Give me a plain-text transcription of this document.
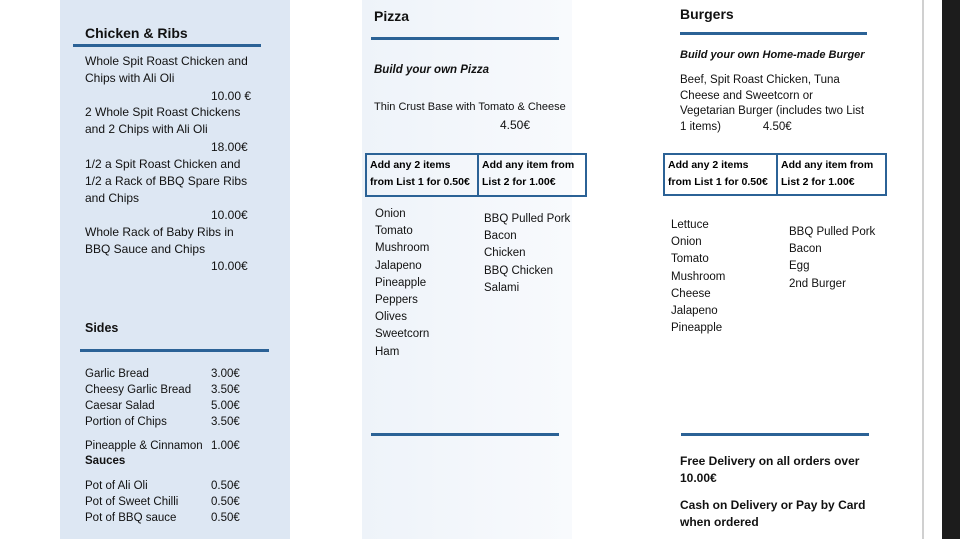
Chicken & Ribs
Whole Spit Roast Chicken and
Chips with Ali Oli
10.00 €
2 Whole Spit Roast Chickens
and 2 Chips with Ali Oli
18.00€
1/2 a Spit Roast Chicken and
1/2 a Rack of BBQ Spare Ribs
and Chips
10.00€
Whole Rack of Baby Ribs in
BBQ Sauce and Chips
10.00€
Sides
Garlic Bread	3.00€
Cheesy Garlic Bread	3.50€
Caesar Salad	5.00€
Portion of Chips	3.50€
Pineapple & Cinnamon 1.00€
Sauces
Pot of Ali Oli	0.50€
Pot of Sweet Chilli	0.50€
Pot of BBQ sauce	0.50€
Pizza
Build your own Pizza
Thin Crust Base with Tomato & Cheese
4.50€
Add any 2 items
from List 1 for 0.50€
Add any item from
List 2 for 1.00€
Onion
Tomato
Mushroom
Jalapeno
Pineapple
Peppers
Olives
Sweetcorn
Ham
BBQ Pulled Pork
Bacon
Chicken
BBQ Chicken
Salami
Burgers
Build your own Home-made Burger
Beef, Spit Roast Chicken, Tuna
Cheese and Sweetcorn or
Vegetarian Burger (includes two List
1 items)	4.50€
Add any 2 items
from List 1 for 0.50€
Add any item from
List 2 for 1.00€
Lettuce
Onion
Tomato
Mushroom
Cheese
Jalapeno
Pineapple
BBQ Pulled Pork
Bacon
Egg
2nd Burger
Free Delivery on all orders over
10.00€
Cash on Delivery or Pay by Card
when ordered
